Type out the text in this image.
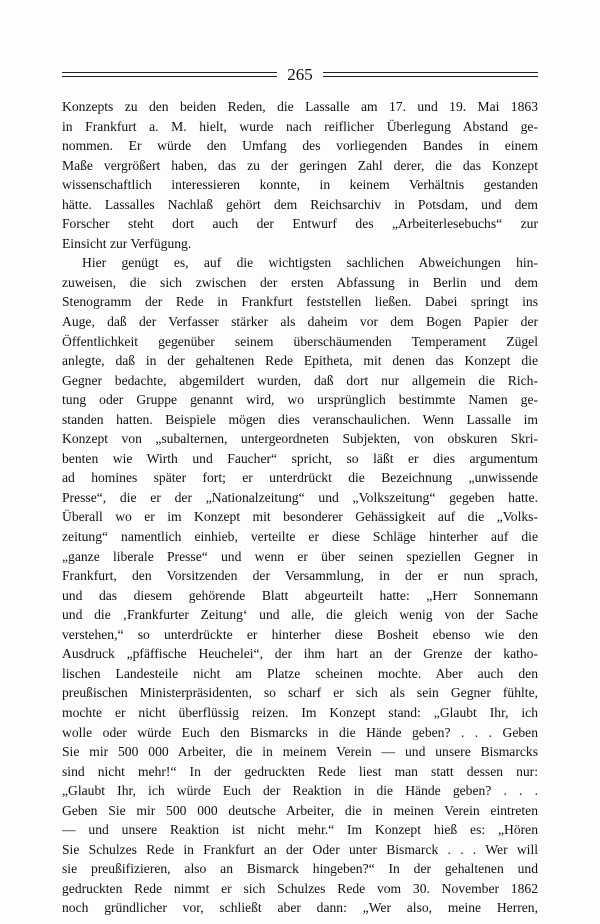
265
Konzepts zu den beiden Reden, die Lassalle am 17. und 19. Mai 1863
in Frankfurt a. M. hielt, wurde nach reiflicher Überlegung Abstand ge-
nommen. Er würde den Umfang des vorliegenden Bandes in einem
Maße vergrößert haben, das zu der geringen Zahl derer, die das Konzept
wissenschaftlich interessieren konnte, in keinem Verhältnis gestanden
hätte. Lassalles Nachlaß gehört dem Reichsarchiv in Potsdam, und dem
Forscher steht dort auch der Entwurf des „Arbeiterlesebuchs“ zur
Einsicht zur Verfügung.
Hier genügt es, auf die wichtigsten sachlichen Abweichungen hin-
zuweisen, die sich zwischen der ersten Abfassung in Berlin und dem
Stenogramm der Rede in Frankfurt feststellen ließen. Dabei springt ins
Auge, daß der Verfasser stärker als daheim vor dem Bogen Papier der
Öffentlichkeit gegenüber seinem überschäumenden Temperament Zügel
anlegte, daß in der gehaltenen Rede Epitheta, mit denen das Konzept die
Gegner bedachte, abgemildert wurden, daß dort nur allgemein die Rich-
tung oder Gruppe genannt wird, wo ursprünglich bestimmte Namen ge-
standen hatten. Beispiele mögen dies veranschaulichen. Wenn Lassalle im
Konzept von „subalternen, untergeordneten Subjekten, von obskuren Skri-
benten wie Wirth und Faucher“ spricht, so läßt er dies argumentum
ad homines später fort; er unterdrückt die Bezeichnung „unwissende
Presse“, die er der „Nationalzeitung“ und „Volkszeitung“ gegeben hatte.
Überall wo er im Konzept mit besonderer Gehässigkeit auf die „Volks-
zeitung“ namentlich einhieb, verteilte er diese Schläge hinterher auf die
„ganze liberale Presse“ und wenn er über seinen speziellen Gegner in
Frankfurt, den Vorsitzenden der Versammlung, in der er nun sprach,
und das diesem gehörende Blatt abgeurteilt hatte: „Herr Sonnemann
und die ‚Frankfurter Zeitung‘ und alle, die gleich wenig von der Sache
verstehen,“ so unterdrückte er hinterher diese Bosheit ebenso wie den
Ausdruck „pfäffische Heuchelei“, der ihm hart an der Grenze der katho-
lischen Landesteile nicht am Platze scheinen mochte. Aber auch den
preußischen Ministerpräsidenten, so scharf er sich als sein Gegner fühlte,
mochte er nicht überflüssig reizen. Im Konzept stand: „Glaubt Ihr, ich
wolle oder würde Euch den Bismarcks in die Hände geben? . . . Geben
Sie mir 500 000 Arbeiter, die in meinem Verein — und unsere Bismarcks
sind nicht mehr!“ In der gedruckten Rede liest man statt dessen nur:
„Glaubt Ihr, ich würde Euch der Reaktion in die Hände geben? . . .
Geben Sie mir 500 000 deutsche Arbeiter, die in meinen Verein eintreten
— und unsere Reaktion ist nicht mehr.“ Im Konzept hieß es: „Hören
Sie Schulzes Rede in Frankfurt an der Oder unter Bismarck . . . Wer will
sie preußifizieren, also an Bismarck hingeben?“ In der gehaltenen und
gedruckten Rede nimmt er sich Schulzes Rede vom 30. November 1862
noch gründlicher vor, schließt aber dann: „Wer also, meine Herren,
